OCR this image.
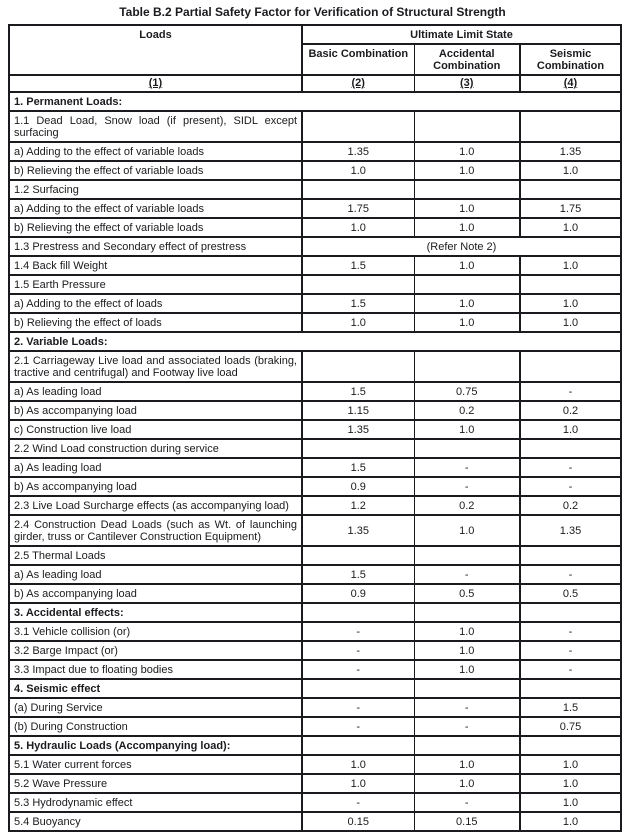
Table B.2 Partial Safety Factor for Verification of Structural Strength
Loads	Ultimate Limit State		
	Basic Combination	Accidental Combination	Seismic Combination
(1)	(2)	(3)	(4)
1. Permanent Loads:			
1.1 Dead Load, Snow load (if present), SIDL except surfacing			
a) Adding to the effect of variable loads	1.35	1.0	1.35
b) Relieving the effect of variable loads	1.0	1.0	1.0
1.2 Surfacing			
a) Adding to the effect of variable loads	1.75	1.0	1.75
b) Relieving the effect of variable loads	1.0	1.0	1.0
1.3 Prestress and Secondary effect of prestress	(Refer Note 2)		
1.4 Back fill Weight	1.5	1.0	1.0
1.5 Earth Pressure			
a) Adding to the effect of loads	1.5	1.0	1.0
b) Relieving the effect of loads	1.0	1.0	1.0
2. Variable Loads:			
2.1 Carriageway Live load and associated loads (braking, tractive and centrifugal) and Footway live load			
a) As leading load	1.5	0.75	-
b) As accompanying load	1.15	0.2	0.2
c) Construction live load	1.35	1.0	1.0
2.2 Wind Load construction during service			
a) As leading load	1.5	-	-
b) As accompanying load	0.9	-	-
2.3 Live Load Surcharge effects (as accompanying load)	1.2	0.2	0.2
2.4 Construction Dead Loads (such as Wt. of launching girder, truss or Cantilever Construction Equipment)	1.35	1.0	1.35
2.5 Thermal Loads			
a) As leading load	1.5	-	-
b) As accompanying load	0.9	0.5	0.5
3. Accidental effects:			
3.1 Vehicle collision (or)	-	1.0	-
3.2 Barge Impact (or)	-	1.0	-
3.3 Impact due to floating bodies	-	1.0	-
4. Seismic effect			
(a) During Service	-	-	1.5
(b) During Construction	-	-	0.75
5. Hydraulic Loads (Accompanying load):			
5.1 Water current forces	1.0	1.0	1.0
5.2 Wave Pressure	1.0	1.0	1.0
5.3 Hydrodynamic effect	-	-	1.0
5.4 Buoyancy	0.15	0.15	1.0
